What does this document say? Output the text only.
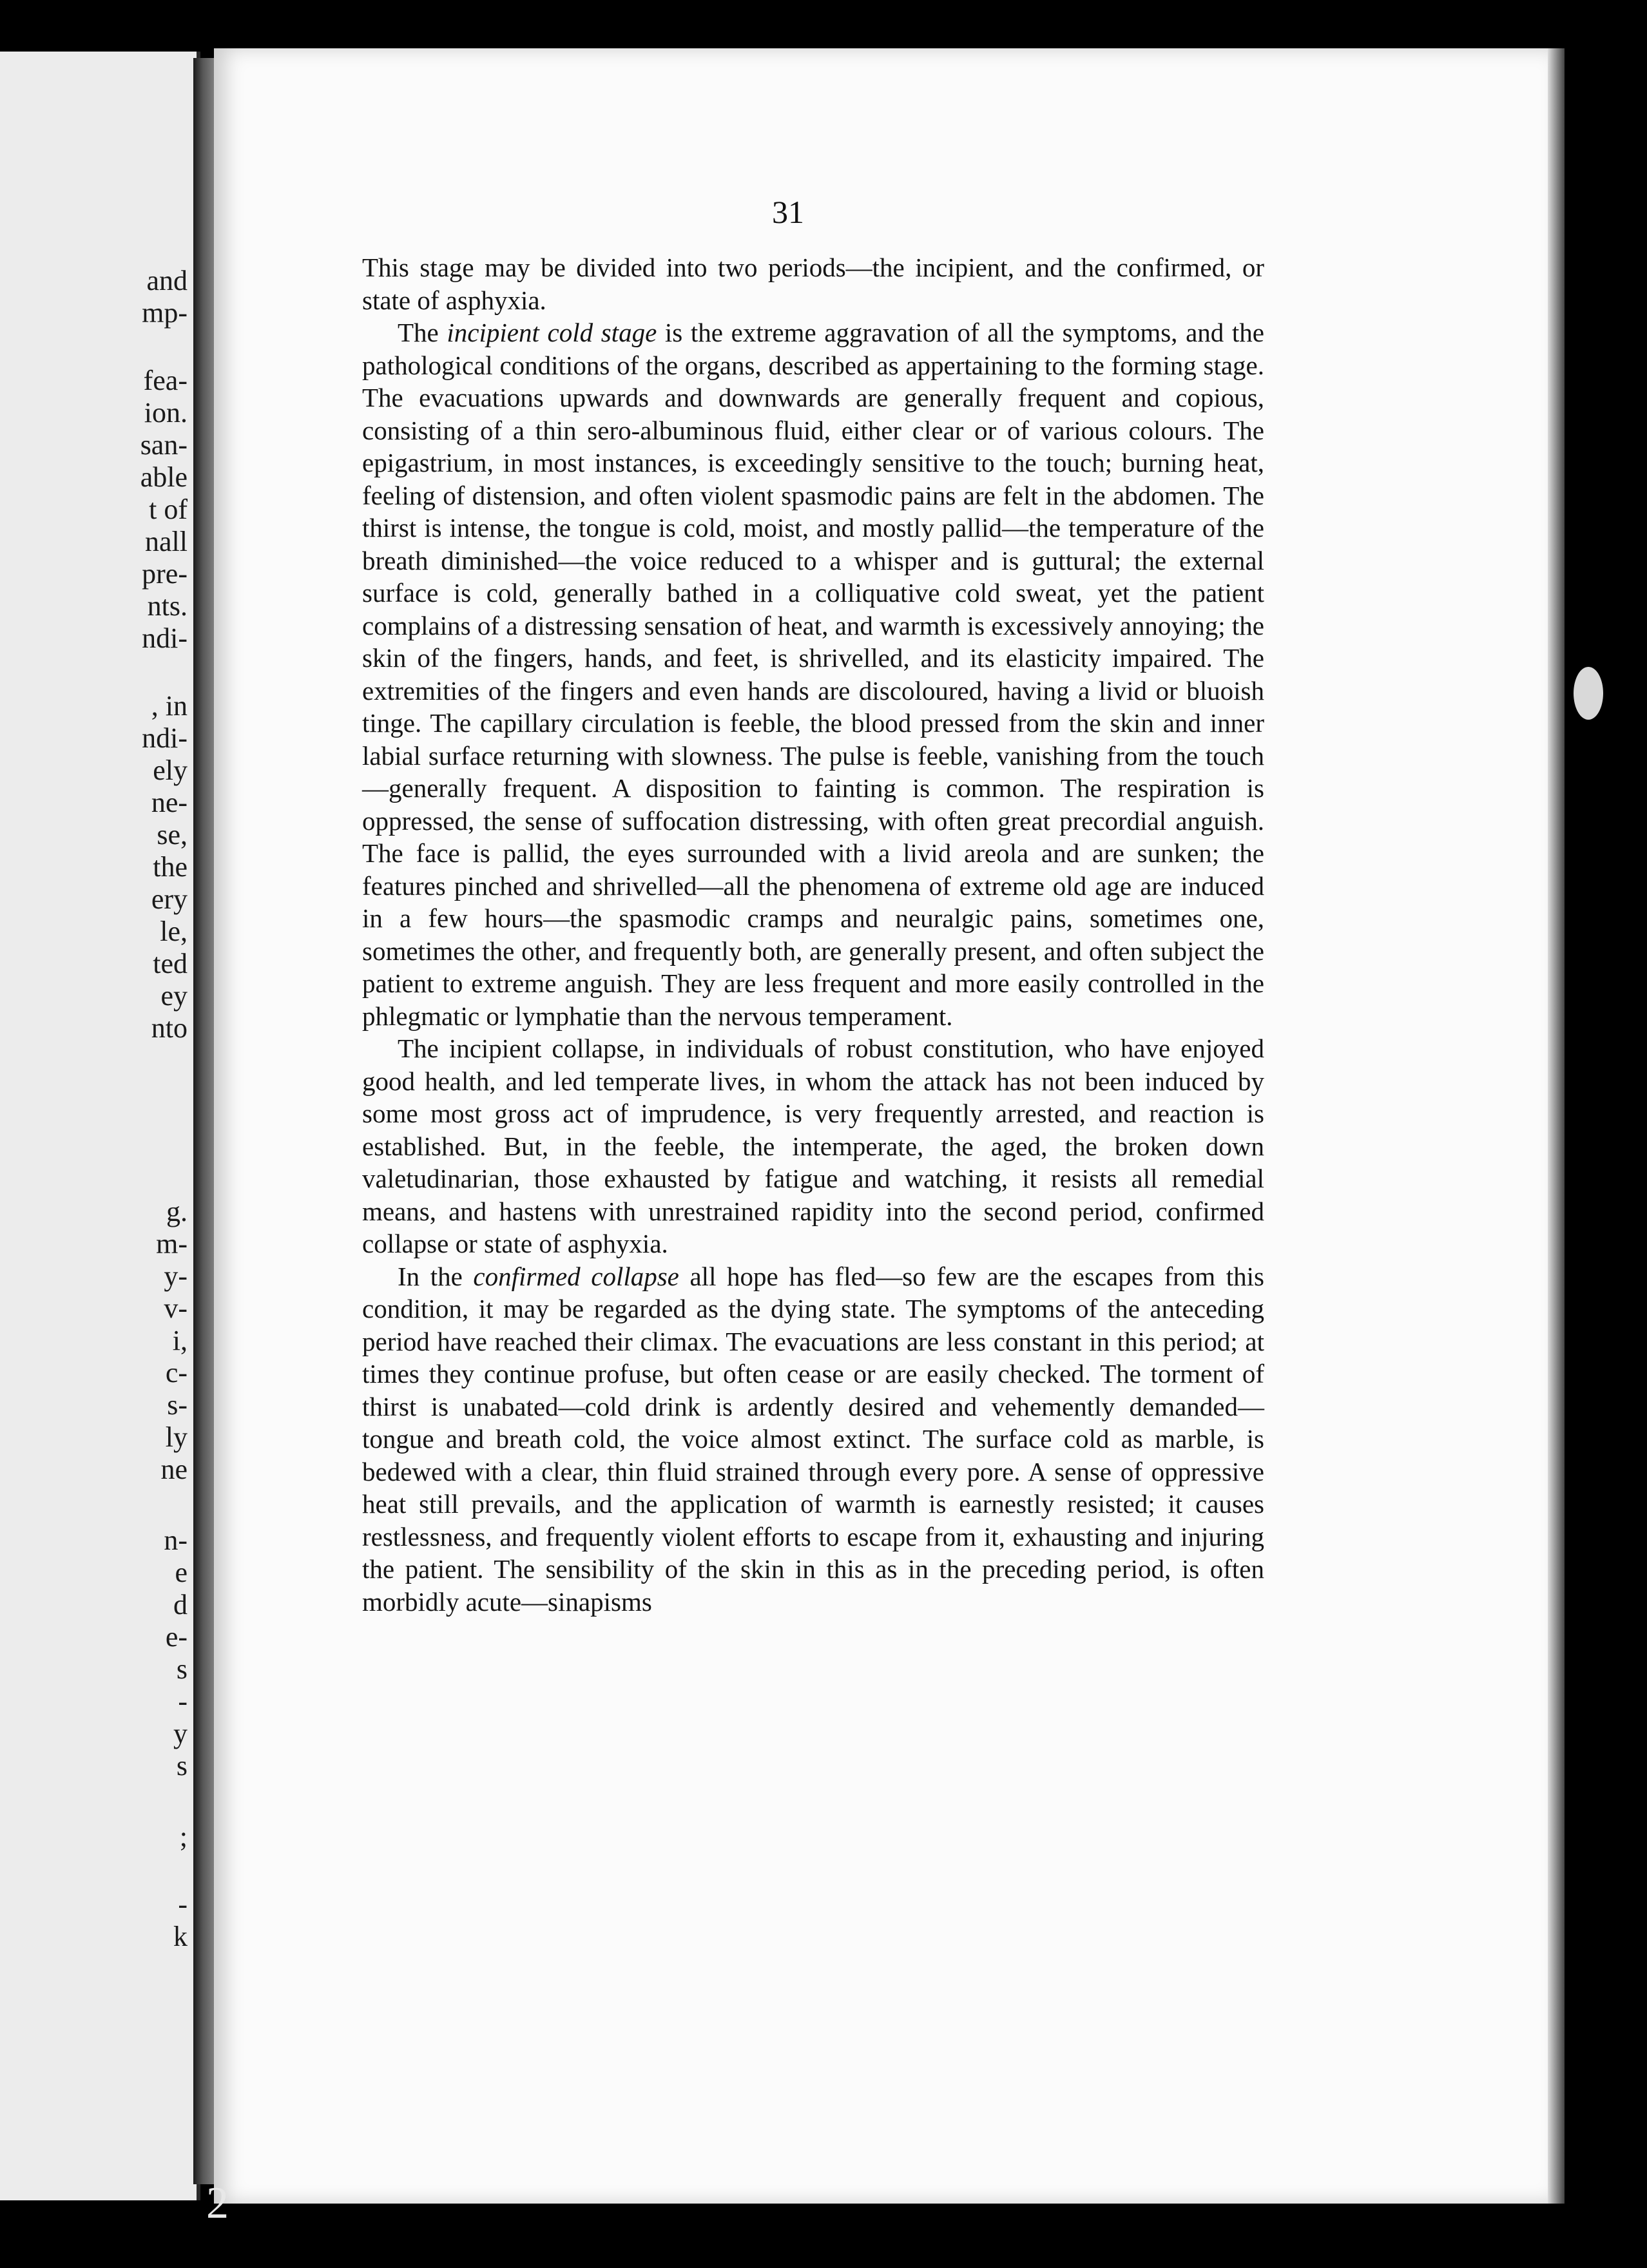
and
mp-
fea-
ion.
san-
able
t of
nall
pre-
nts.
ndi-
, in
ndi-
ely
ne-
se,
the
ery
le,
ted
ey
nto
g.
m-
y-
v-
i,
c-
s-
ly
ne
n-
e
d
e-
s
-
y
s
;
-
k
31

This stage may be divided into two periods—the incipient, and the confirmed, or state of asphyxia.

The incipient cold stage is the extreme aggravation of all the symptoms, and the pathological conditions of the organs, described as appertaining to the forming stage. The evacuations upwards and downwards are generally frequent and copious, consisting of a thin sero-albuminous fluid, either clear or of various colours. The epigastrium, in most instances, is exceedingly sensitive to the touch; burning heat, feeling of distension, and often violent spasmodic pains are felt in the abdomen. The thirst is intense, the tongue is cold, moist, and mostly pallid—the temperature of the breath diminished—the voice reduced to a whisper and is guttural; the external surface is cold, generally bathed in a colliquative cold sweat, yet the patient complains of a distressing sensation of heat, and warmth is excessively annoying; the skin of the fingers, hands, and feet, is shrivelled, and its elasticity impaired. The extremities of the fingers and even hands are discoloured, having a livid or bluoish tinge. The capillary circulation is feeble, the blood pressed from the skin and inner labial surface returning with slowness. The pulse is feeble, vanishing from the touch—generally frequent. A disposition to fainting is common. The respiration is oppressed, the sense of suffocation distressing, with often great precordial anguish. The face is pallid, the eyes surrounded with a livid areola and are sunken; the features pinched and shrivelled—all the phenomena of extreme old age are induced in a few hours—the spasmodic cramps and neuralgic pains, sometimes one, sometimes the other, and frequently both, are generally present, and often subject the patient to extreme anguish. They are less frequent and more easily controlled in the phlegmatic or lymphatie than the nervous temperament.

The incipient collapse, in individuals of robust constitution, who have enjoyed good health, and led temperate lives, in whom the attack has not been induced by some most gross act of imprudence, is very frequently arrested, and reaction is established. But, in the feeble, the intemperate, the aged, the broken down valetudinarian, those exhausted by fatigue and watching, it resists all remedial means, and hastens with unrestrained rapidity into the second period, confirmed collapse or state of asphyxia.

In the confirmed collapse all hope has fled—so few are the escapes from this condition, it may be regarded as the dying state. The symptoms of the anteceding period have reached their climax. The evacuations are less constant in this period; at times they continue profuse, but often cease or are easily checked. The torment of thirst is unabated—cold drink is ardently desired and vehemently demanded—tongue and breath cold, the voice almost extinct. The surface cold as marble, is bedewed with a clear, thin fluid strained through every pore. A sense of oppressive heat still prevails, and the application of warmth is earnestly resisted; it causes restlessness, and frequently violent efforts to escape from it, exhausting and injuring the patient. The sensibility of the skin in this as in the preceding period, is often morbidly acute—sinapisms

2
